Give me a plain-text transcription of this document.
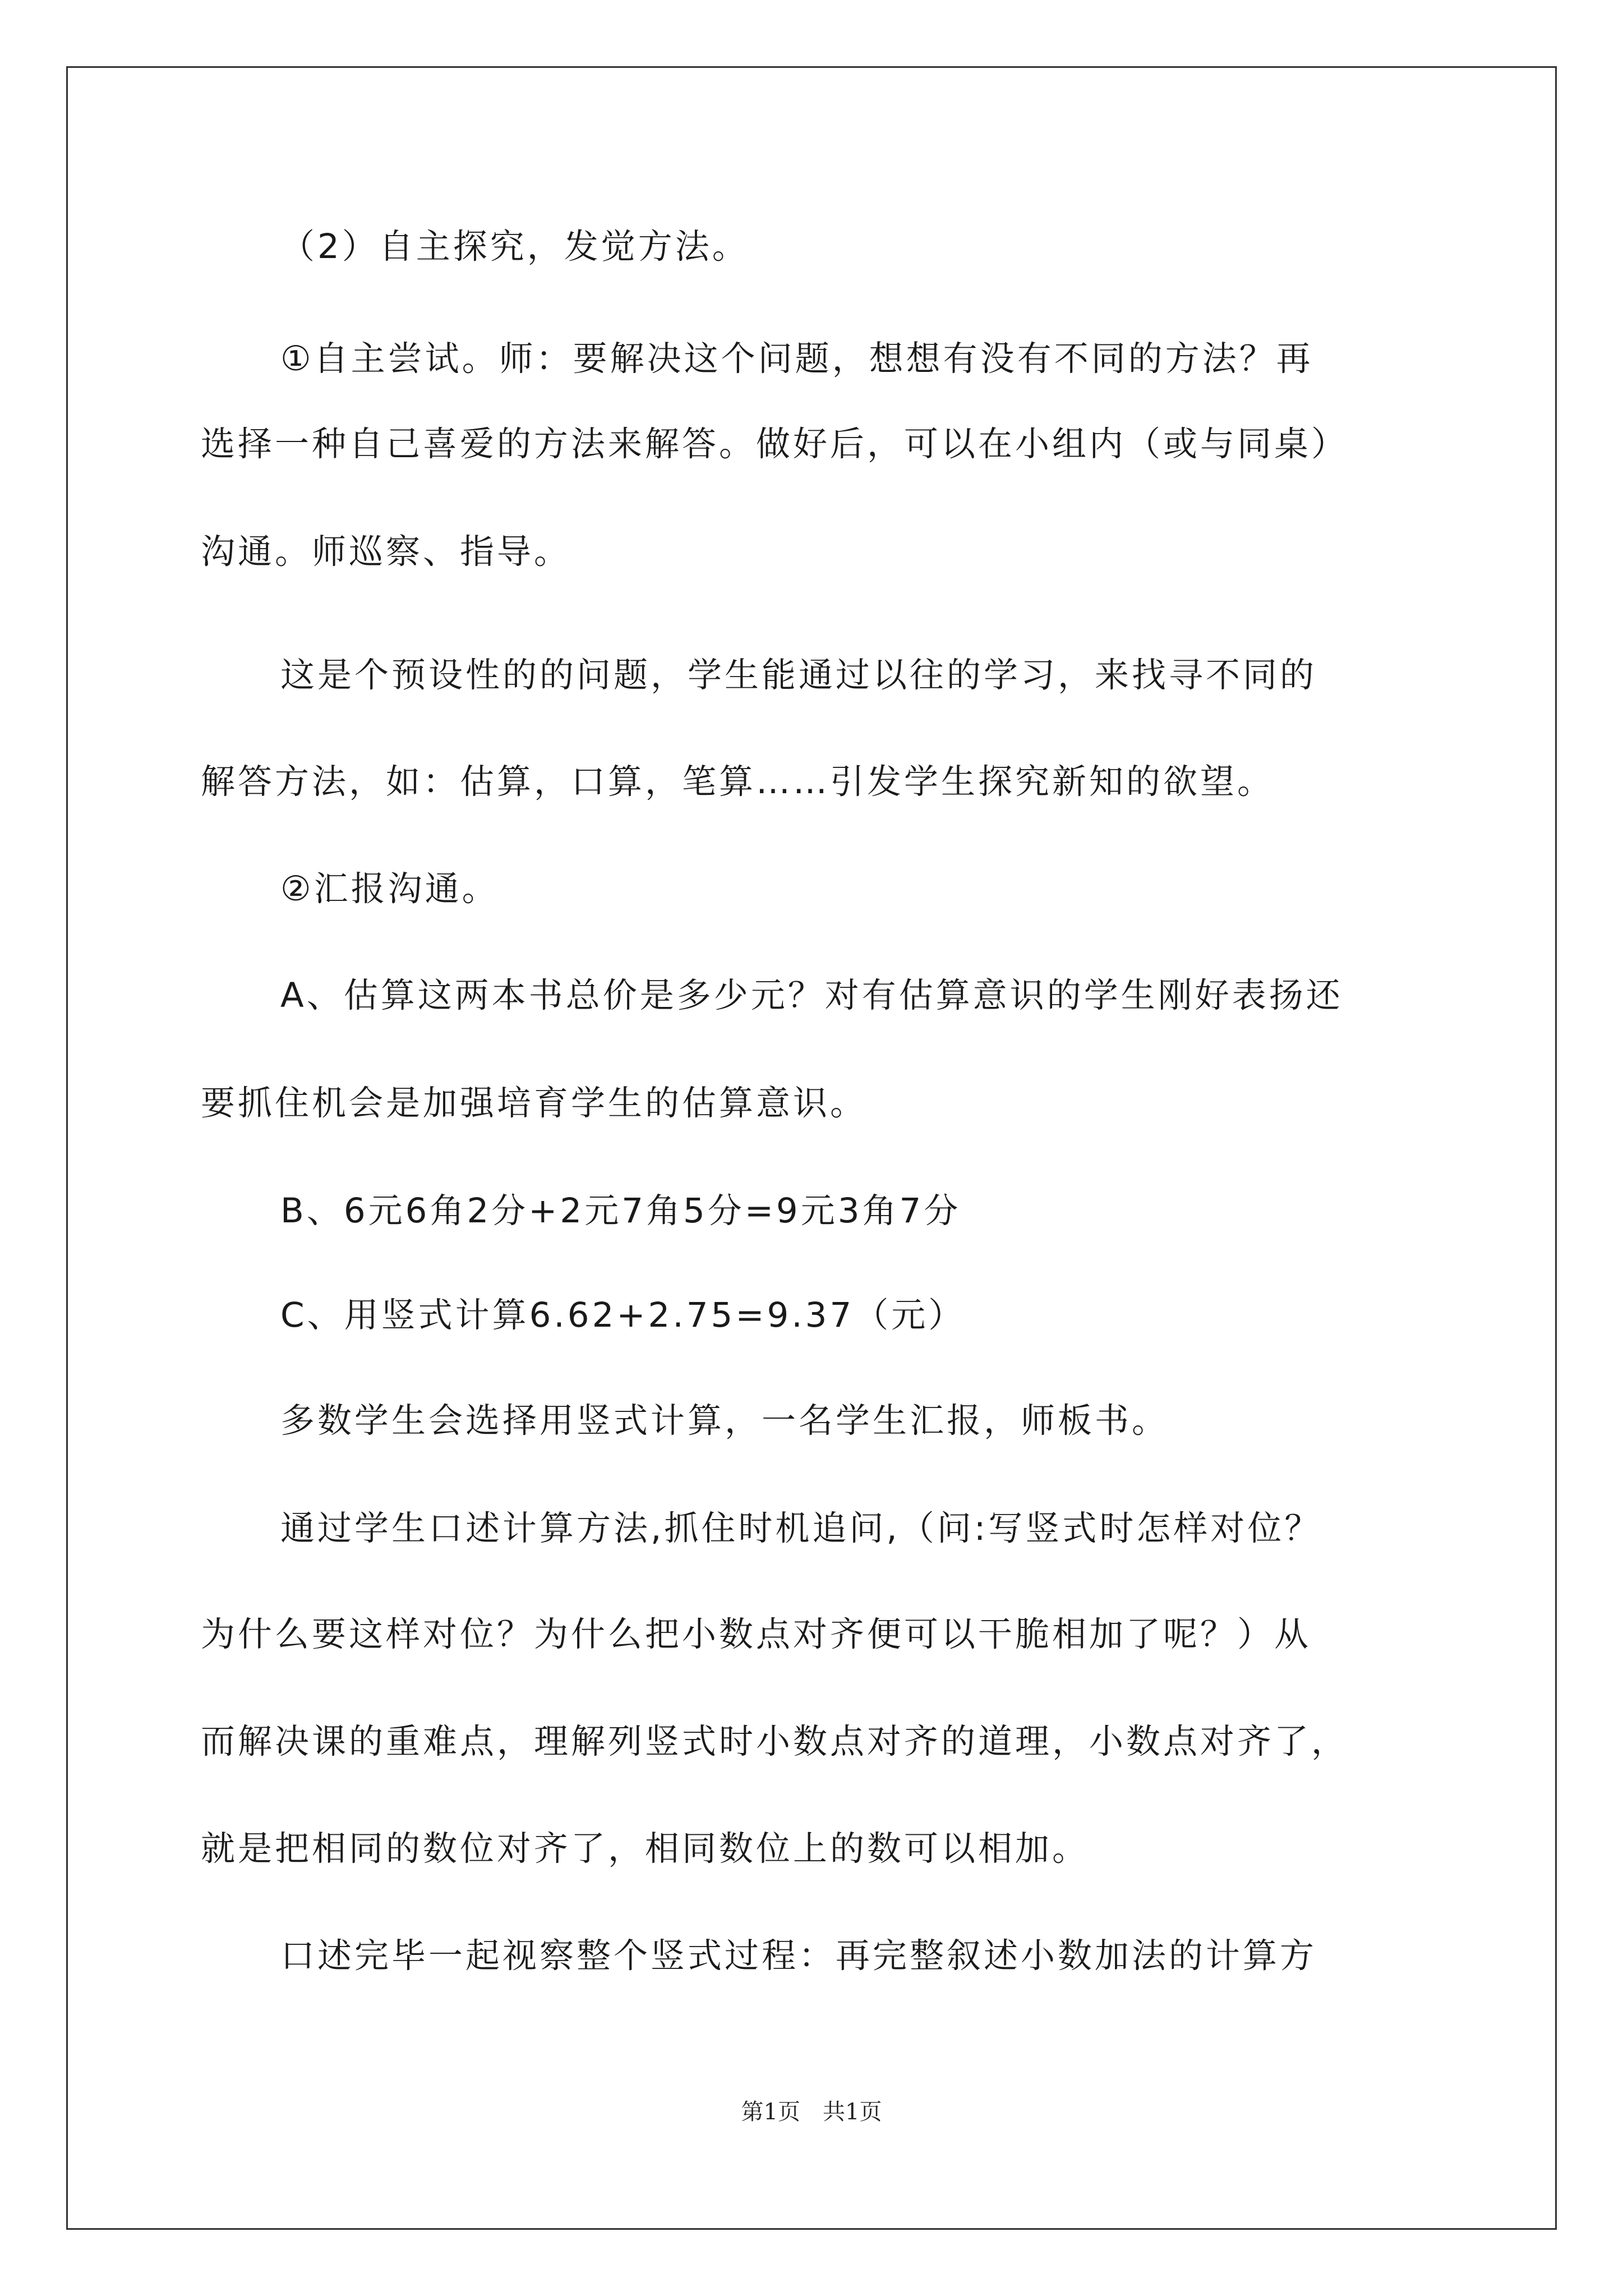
（2）自主探究，发觉方法。
①自主尝试。师：要解决这个问题，想想有没有不同的方法？再
选择一种自己喜爱的方法来解答。做好后，可以在小组内（或与同桌）
沟通。师巡察、指导。
这是个预设性的的问题，学生能通过以往的学习，来找寻不同的
解答方法，如：估算，口算，笔算……引发学生探究新知的欲望。
②汇报沟通。
A、估算这两本书总价是多少元？对有估算意识的学生刚好表扬还
要抓住机会是加强培育学生的估算意识。
B、6元6角2分+2元7角5分=9元3角7分
C、用竖式计算6.62+2.75=9.37（元）
多数学生会选择用竖式计算，一名学生汇报，师板书。
通过学生口述计算方法,抓住时机追问,（问:写竖式时怎样对位？
为什么要这样对位？为什么把小数点对齐便可以干脆相加了呢？）从
而解决课的重难点，理解列竖式时小数点对齐的道理，小数点对齐了，
就是把相同的数位对齐了，相同数位上的数可以相加。
口述完毕一起视察整个竖式过程：再完整叙述小数加法的计算方
第1页　共1页
